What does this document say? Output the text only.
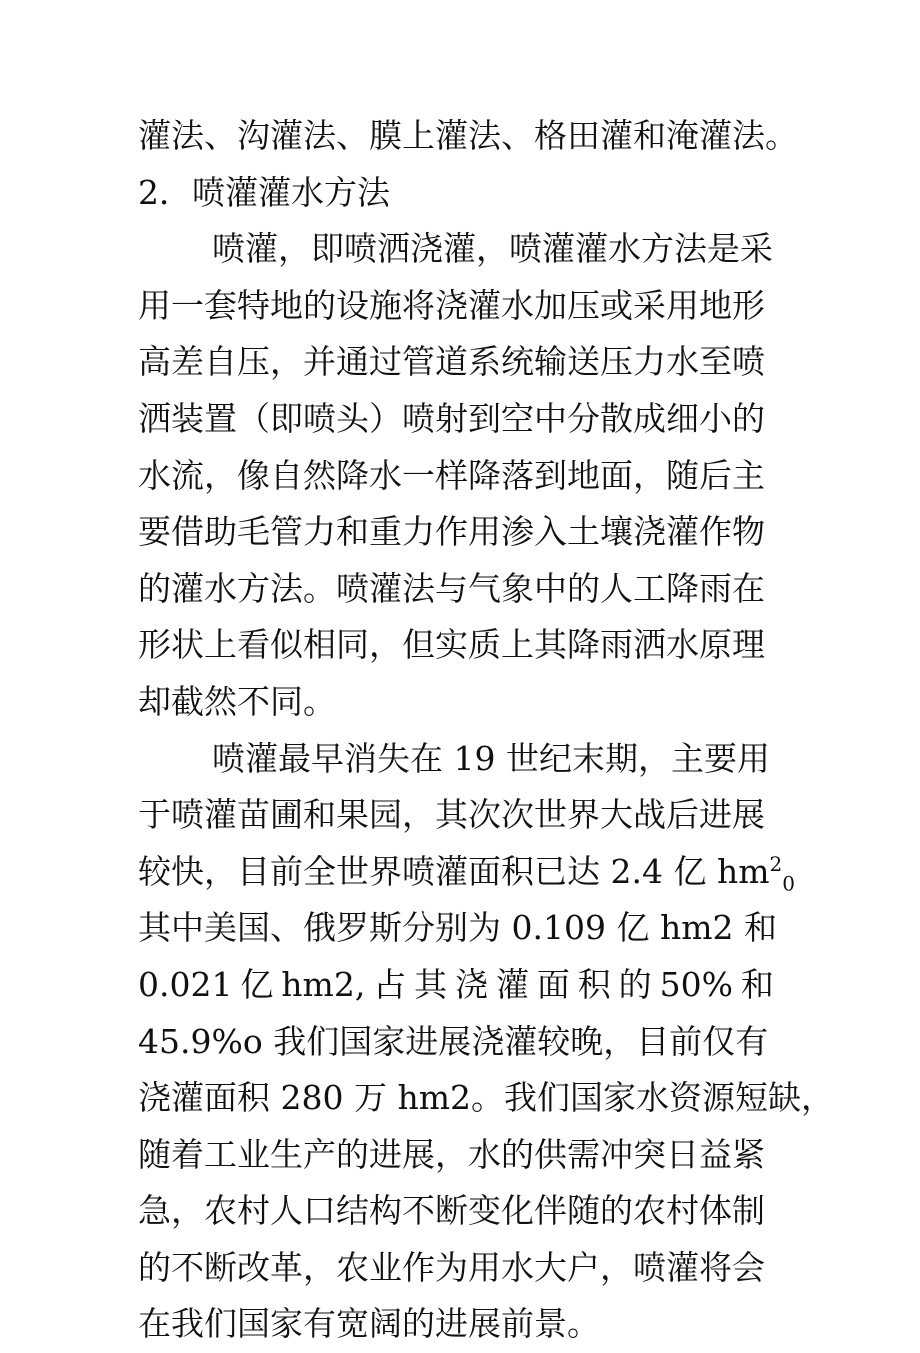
灌法、沟灌法、膜上灌法、格田灌和淹灌法。
2．喷灌灌水方法
喷灌，即喷洒浇灌，喷灌灌水方法是采
用一套特地的设施将浇灌水加压或采用地形
高差自压，并通过管道系统输送压力水至喷
洒装置（即喷头）喷射到空中分散成细小的
水流，像自然降水一样降落到地面，随后主
要借助毛管力和重力作用渗入土壤浇灌作物
的灌水方法。喷灌法与气象中的人工降雨在
形状上看似相同，但实质上其降雨洒水原理
却截然不同。
喷灌最早消失在 19 世纪末期，主要用
于喷灌苗圃和果园，其次次世界大战后进展
较快，目前全世界喷灌面积已达 2.4 亿 $hm^2_0$
其中美国、俄罗斯分别为 0.109 亿 hm2 和
0.021 亿 hm2, 占 其 浇 灌 面 积 的 50% 和
45.9%o 我们国家进展浇灌较晚，目前仅有
浇灌面积 280 万 hm2。我们国家水资源短缺，
随着工业生产的进展，水的供需冲突日益紧
急，农村人口结构不断变化伴随的农村体制
的不断改革，农业作为用水大户，喷灌将会
在我们国家有宽阔的进展前景。
